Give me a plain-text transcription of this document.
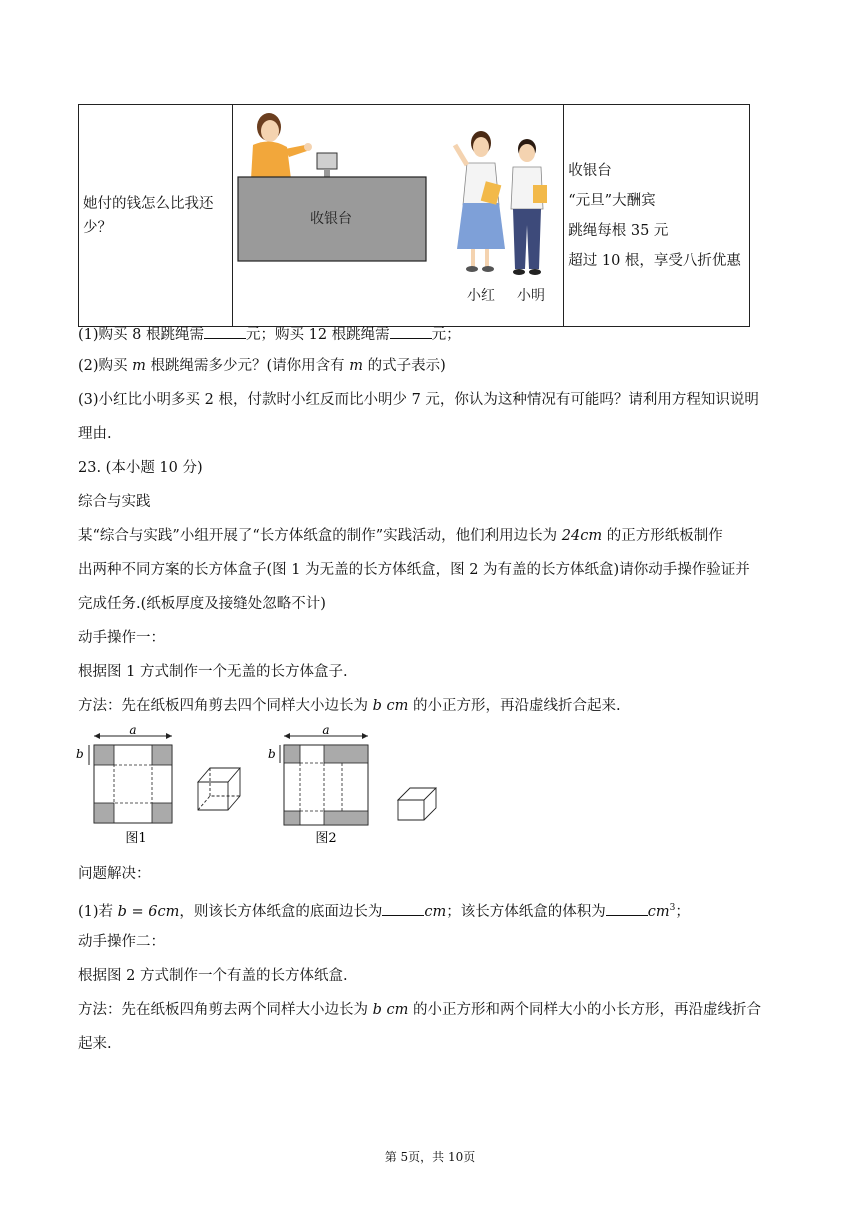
她付的钱怎么比我还少？

收银台
小红 小明

收银台
“元旦”大酬宾
跳绳每根 35 元
超过 10 根，享受八折优惠
(1)购买 8 根跳绳需	元；购买 12 根跳绳需	元；
(2)购买 m 根跳绳需多少元？(请你用含有 m 的式子表示)
(3)小红比小明多买 2 根，付款时小红反而比小明少 7 元，你认为这种情况有可能吗？请利用方程知识说明
理由.
23. (本小题 10 分)
综合与实践
某“综合与实践”小组开展了“长方体纸盒的制作”实践活动，他们利用边长为 24cm 的正方形纸板制作
出两种不同方案的长方体盒子(图 1 为无盖的长方体纸盒，图 2 为有盖的长方体纸盒)请你动手操作验证并
完成任务.(纸板厚度及接缝处忽略不计)
动手操作一：
根据图 1 方式制作一个无盖的长方体盒子.
方法：先在纸板四角剪去四个同样大小边长为 b cm 的小正方形，再沿虚线折合起来.
a
b
图1
a
b
图2
问题解决：
(1)若 b = 6cm，则该长方体纸盒的底面边长为	cm；该长方体纸盒的体积为	$cm^3$；
动手操作二：
根据图 2 方式制作一个有盖的长方体纸盒.
方法：先在纸板四角剪去两个同样大小边长为 b cm 的小正方形和两个同样大小的小长方形，再沿虚线折合
起来.
第 5页，共 10页
